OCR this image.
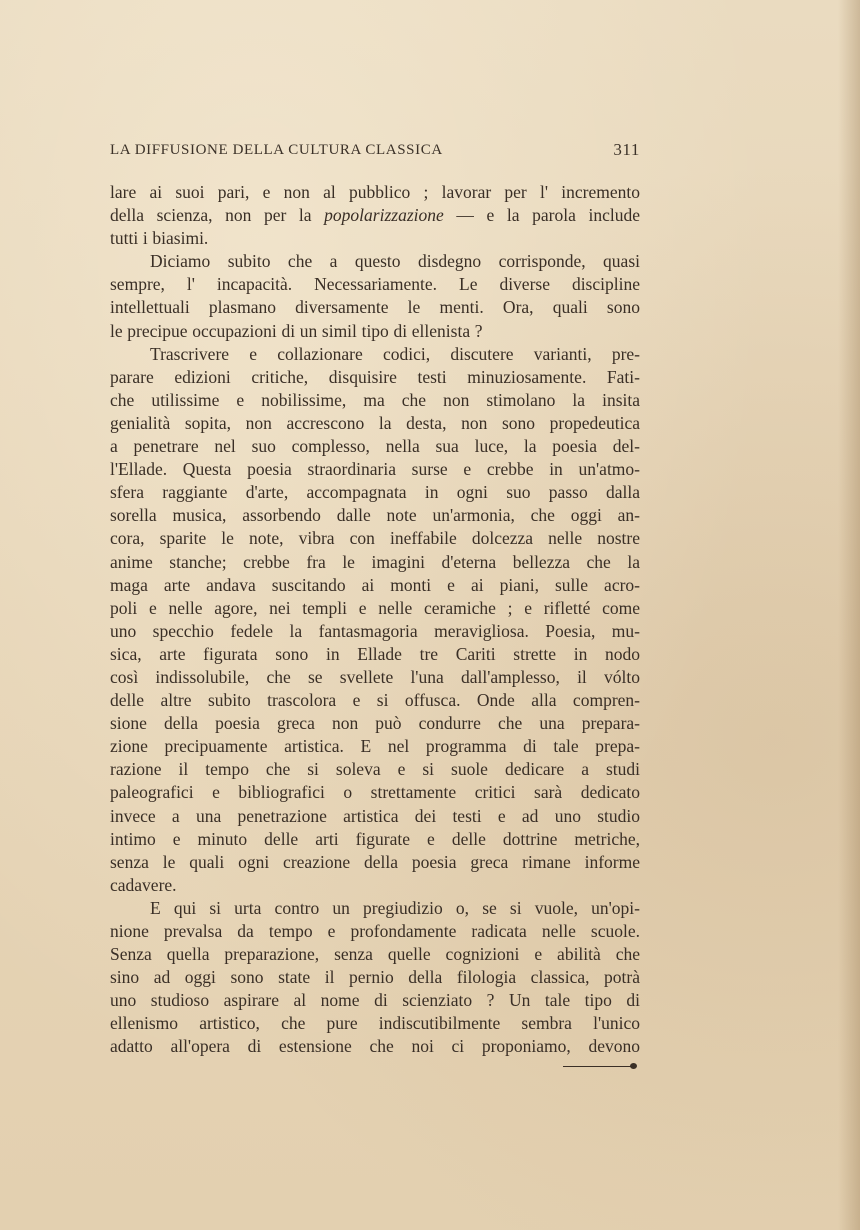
LA DIFFUSIONE DELLA CULTURA CLASSICA	311
lare ai suoi pari, e non al pubblico ; lavorar per l' incremento
della scienza, non per la popolarizzazione — e la parola include
tutti i biasimi.
Diciamo subito che a questo disdegno corrisponde, quasi
sempre, l' incapacità. Necessariamente. Le diverse discipline
intellettuali plasmano diversamente le menti. Ora, quali sono
le precipue occupazioni di un simil tipo di ellenista ?
Trascrivere e collazionare codici, discutere varianti, pre-
parare edizioni critiche, disquisire testi minuziosamente. Fati-
che utilissime e nobilissime, ma che non stimolano la insita
genialità sopita, non accrescono la desta, non sono propedeutica
a penetrare nel suo complesso, nella sua luce, la poesia del-
l'Ellade. Questa poesia straordinaria surse e crebbe in un'atmo-
sfera raggiante d'arte, accompagnata in ogni suo passo dalla
sorella musica, assorbendo dalle note un'armonia, che oggi an-
cora, sparite le note, vibra con ineffabile dolcezza nelle nostre
anime stanche; crebbe fra le imagini d'eterna bellezza che la
maga arte andava suscitando ai monti e ai piani, sulle acro-
poli e nelle agore, nei templi e nelle ceramiche ; e rifletté come
uno specchio fedele la fantasmagoria meravigliosa. Poesia, mu-
sica, arte figurata sono in Ellade tre Cariti strette in nodo
così indissolubile, che se svellete l'una dall'amplesso, il vólto
delle altre subito trascolora e si offusca. Onde alla compren-
sione della poesia greca non può condurre che una prepara-
zione precipuamente artistica. E nel programma di tale prepa-
razione il tempo che si soleva e si suole dedicare a studi
paleografici e bibliografici o strettamente critici sarà dedicato
invece a una penetrazione artistica dei testi e ad uno studio
intimo e minuto delle arti figurate e delle dottrine metriche,
senza le quali ogni creazione della poesia greca rimane informe
cadavere.
E qui si urta contro un pregiudizio o, se si vuole, un'opi-
nione prevalsa da tempo e profondamente radicata nelle scuole.
Senza quella preparazione, senza quelle cognizioni e abilità che
sino ad oggi sono state il pernio della filologia classica, potrà
uno studioso aspirare al nome di scienziato ? Un tale tipo di
ellenismo artistico, che pure indiscutibilmente sembra l'unico
adatto all'opera di estensione che noi ci proponiamo, devono
